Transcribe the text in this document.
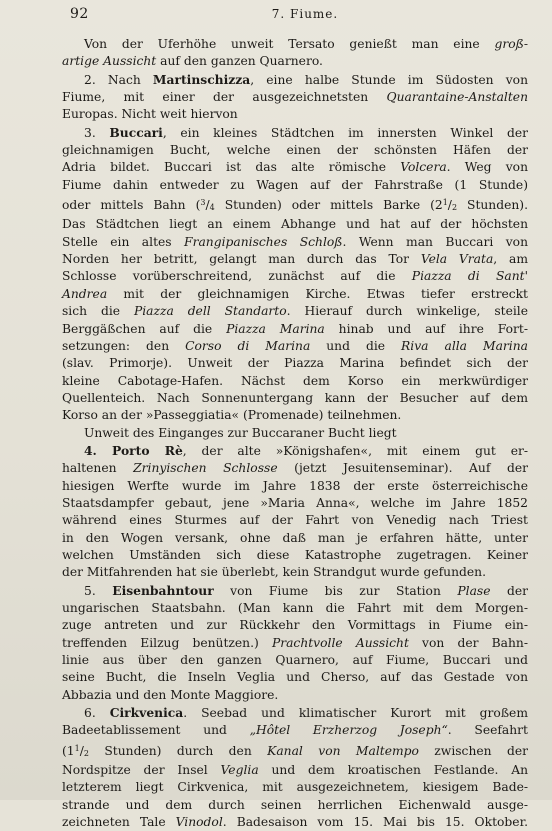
92	7. Fiume.
Von der Uferhöhe unweit Tersato genießt man eine groß-
artige Aussicht auf den ganzen Quarnero.
2. Nach Martinschizza, eine halbe Stunde im Südosten von
Fiume, mit einer der ausgezeichnetsten Quarantaine-Anstalten
Europas. Nicht weit hiervon
3. Buccari, ein kleines Städtchen im innersten Winkel der
gleichnamigen Bucht, welche einen der schönsten Häfen der
Adria bildet. Buccari ist das alte römische Volcera. Weg von
Fiume dahin entweder zu Wagen auf der Fahrstraße (1 Stunde)
oder mittels Bahn ($^3$/4 Stunden) oder mittels Barke ($2^1/2$ Stunden).
Das Städtchen liegt an einem Abhange und hat auf der höchsten
Stelle ein altes Frangipanisches Schloß. Wenn man Buccari von
Norden her betritt, gelangt man durch das Tor Vela Vrata, am
Schlosse vorüberschreitend, zunächst auf die Piazza di Sant'
Andrea mit der gleichnamigen Kirche. Etwas tiefer erstreckt
sich die Piazza dell Standarto. Hierauf durch winkelige, steile
Berggäßchen auf die Piazza Marina hinab und auf ihre Fort-
setzungen: den Corso di Marina und die Riva alla Marina
(slav. Primorje). Unweit der Piazza Marina befindet sich der
kleine Cabotage-Hafen. Nächst dem Korso ein merkwürdiger
Quellenteich. Nach Sonnenuntergang kann der Besucher auf dem
Korso an der »Passeggiatia« (Promenade) teilnehmen.
Unweit des Einganges zur Buccaraner Bucht liegt
4. Porto Rè, der alte »Königshafen«, mit einem gut er-
haltenen Zrinyischen Schlosse (jetzt Jesuitenseminar). Auf der
hiesigen Werfte wurde im Jahre 1838 der erste österreichische
Staatsdampfer gebaut, jene »Maria Anna«, welche im Jahre 1852
während eines Sturmes auf der Fahrt von Venedig nach Triest
in den Wogen versank, ohne daß man je erfahren hätte, unter
welchen Umständen sich diese Katastrophe zugetragen. Keiner
der Mitfahrenden hat sie überlebt, kein Strandgut wurde gefunden.
5. Eisenbahntour von Fiume bis zur Station Plase der
ungarischen Staatsbahn. (Man kann die Fahrt mit dem Morgen-
zuge antreten und zur Rückkehr den Vormittags in Fiume ein-
treffenden Eilzug benützen.) Prachtvolle Aussicht von der Bahn-
linie aus über den ganzen Quarnero, auf Fiume, Buccari und
seine Bucht, die Inseln Veglia und Cherso, auf das Gestade von
Abbazia und den Monte Maggiore.
6. Cirkvenica. Seebad und klimatischer Kurort mit großem
Badeetablissement und „Hôtel Erzherzog Joseph“. Seefahrt
($1^1/2$ Stunden) durch den Kanal von Maltempo zwischen der
Nordspitze der Insel Veglia und dem kroatischen Festlande. An
letzterem liegt Cirkvenica, mit ausgezeichnetem, kiesigem Bade-
strande und dem durch seinen herrlichen Eichenwald ausge-
zeichneten Tale Vinodol. Badesaison vom 15. Mai bis 15. Oktober.
